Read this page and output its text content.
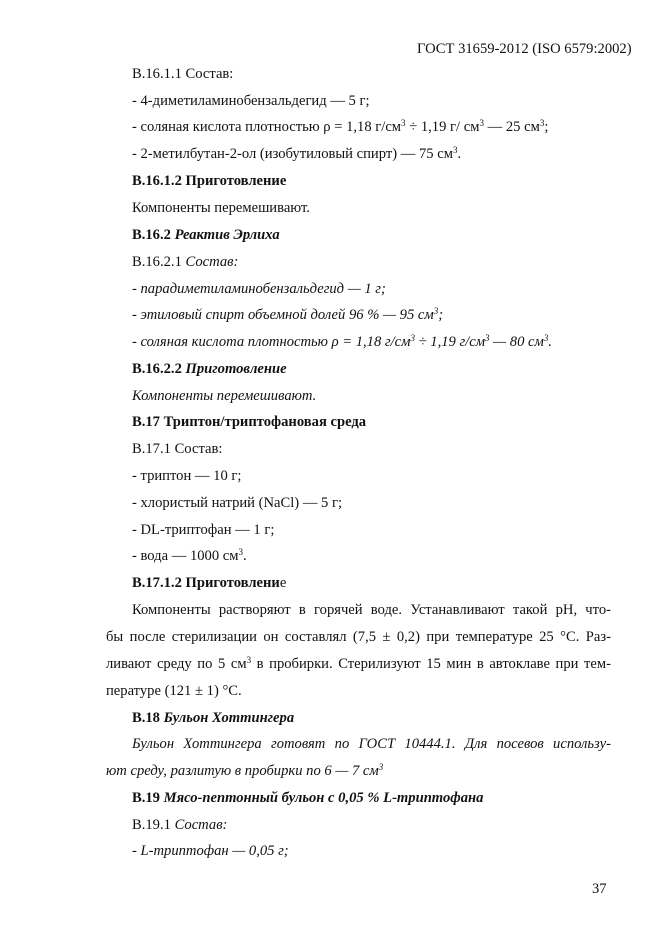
ГОСТ 31659-2012 (ISO 6579:2002)
В.16.1.1 Состав:
- 4-диметиламинобензальдегид — 5 г;
- соляная кислота плотностью ρ = 1,18 $г/см^3 \div 1,19$ г/ $см^3$ — 25 $см^3$;
- 2-метилбутан-2-ол (изобутиловый спирт) — 75 $см^3$.
В.16.1.2 Приготовление
Компоненты перемешивают.
В.16.2 Реактив Эрлиха
В.16.2.1 Состав:
- парадиметиламинобензальдегид — 1 г;
- этиловый спирт объемной долей 96 % — 95 $см^3$;
- соляная кислота плотностью ρ = 1,18 $г/см^3 \div 1,19$ $г/см^3$ — 80 $см^3$.
В.16.2.2 Приготовление
Компоненты перемешивают.
В.17 Триптон/триптофановая среда
В.17.1 Состав:
- триптон — 10 г;
- хлористый натрий (NaCl) — 5 г;
- DL-триптофан — 1 г;
- вода — 1000 $см^3$.
В.17.1.2 Приготовление
Компоненты растворяют в горячей воде. Устанавливают такой pH, что-
бы после стерилизации он составлял (7,5 ± 0,2) при температуре 25 °С. Раз-
ливают среду по 5 $см^3$ в пробирки. Стерилизуют 15 мин в автоклаве при тем-
пературе (121 ± 1) °С.
В.18 Бульон Хоттингера
Бульон Хоттингера готовят по ГОСТ 10444.1. Для посевов использу-
ют среду, разлитую в пробирки по 6 — 7 $см^3$
В.19 Мясо-пептонный бульон с 0,05 % L-триптофана
В.19.1 Состав:
- L-триптофан — 0,05 г;
37
